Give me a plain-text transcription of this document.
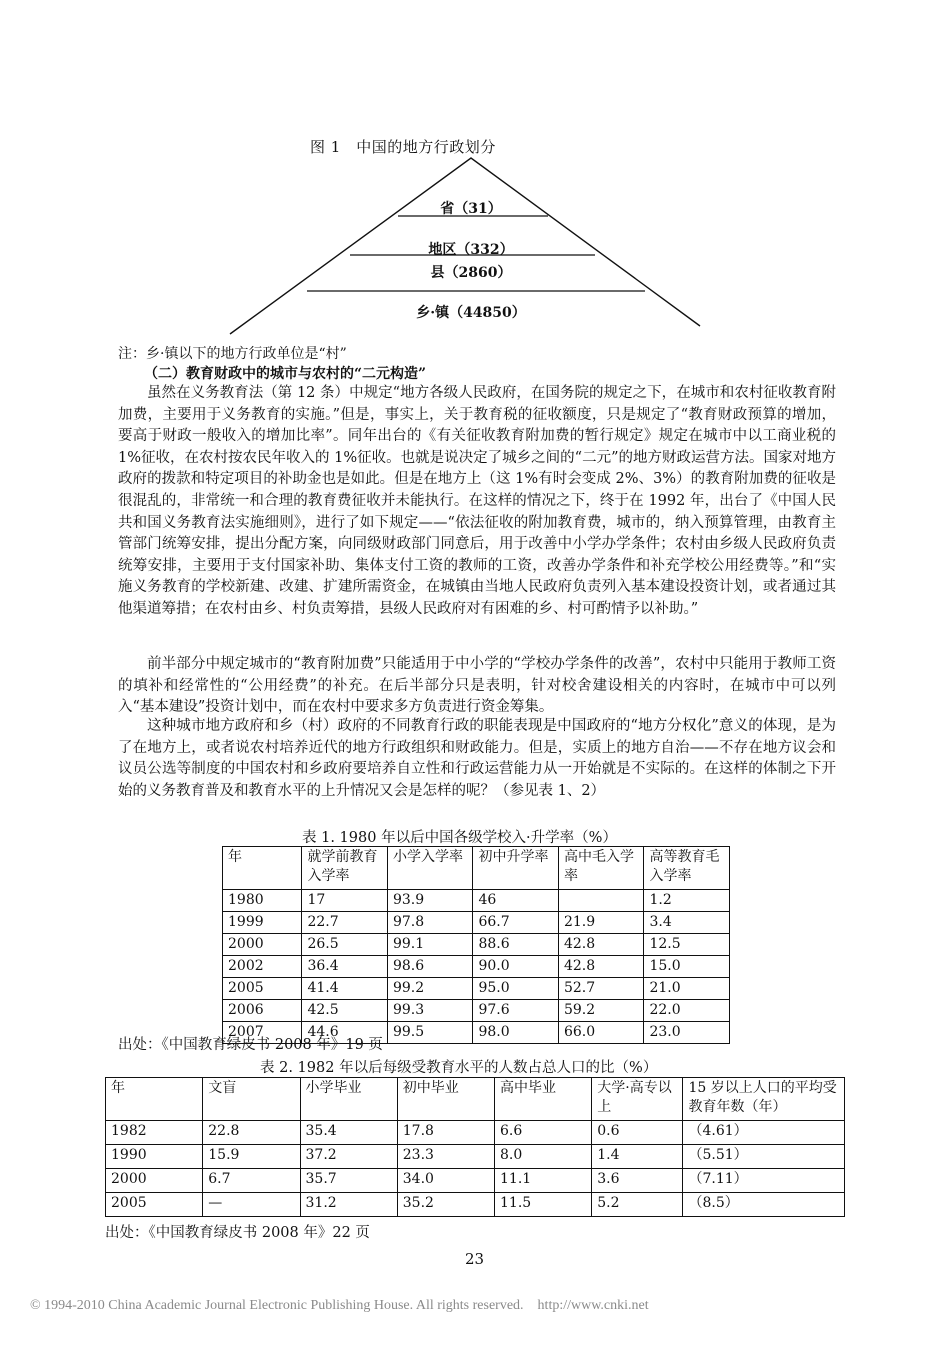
图 1　中国的地方行政划分
省（31）
地区（332）
县（2860）
乡·镇（44850）
注：乡·镇以下的地方行政单位是“村”
（二）教育财政中的城市与农村的“二元构造”

虽然在义务教育法（第 12 条）中规定“地方各级人民政府，在国务院的规定之下，在城市和农村征收教育附加费，主要用于义务教育的实施。”但是，事实上，关于教育税的征收额度，只是规定了“教育财政预算的增加，要高于财政一般收入的增加比率”。同年出台的《有关征收教育附加费的暂行规定》规定在城市中以工商业税的 1%征收，在农村按农民年收入的 1%征收。也就是说决定了城乡之间的“二元”的地方财政运营方法。国家对地方政府的拨款和特定项目的补助金也是如此。但是在地方上（这 1%有时会变成 2%、3%）的教育附加费的征收是很混乱的，非常统一和合理的教育费征收并未能执行。在这样的情况之下，终于在 1992 年，出台了《中国人民共和国义务教育法实施细则》，进行了如下规定——“依法征收的附加教育费，城市的，纳入预算管理，由教育主管部门统筹安排，提出分配方案，向同级财政部门同意后，用于改善中小学办学条件；农村由乡级人民政府负责统筹安排，主要用于支付国家补助、集体支付工资的教师的工资，改善办学条件和补充学校公用经费等。”和“实施义务教育的学校新建、改建、扩建所需资金，在城镇由当地人民政府负责列入基本建设投资计划，或者通过其他渠道筹措；在农村由乡、村负责筹措，县级人民政府对有困难的乡、村可酌情予以补助。”

前半部分中规定城市的“教育附加费”只能适用于中小学的“学校办学条件的改善”，农村中只能用于教师工资的填补和经常性的“公用经费”的补充。在后半部分只是表明，针对校舍建设相关的内容时，在城市中可以列入“基本建设”投资计划中，而在农村中要求多方负责进行资金筹集。

这种城市地方政府和乡（村）政府的不同教育行政的职能表现是中国政府的“地方分权化”意义的体现，是为了在地方上，或者说农村培养近代的地方行政组织和财政能力。但是，实质上的地方自治——不存在地方议会和议员公选等制度的中国农村和乡政府要培养自立性和行政运营能力从一开始就是不实际的。在这样的体制之下开始的义务教育普及和教育水平的上升情况又会是怎样的呢？（参见表 1、2）

表 1. 1980 年以后中国各级学校入·升学率（%）
年	就学前教育入学率	小学入学率	初中升学率	高中毛入学率	高等教育毛入学率
1980	17	93.9	46		1.2
1999	22.7	97.8	66.7	21.9	3.4
2000	26.5	99.1	88.6	42.8	12.5
2002	36.4	98.6	90.0	42.8	15.0
2005	41.4	99.2	95.0	52.7	21.0
2006	42.5	99.3	97.6	59.2	22.0
2007	44.6	99.5	98.0	66.0	23.0
出处：《中国教育绿皮书 2008 年》19 页
表 2. 1982 年以后每级受教育水平的人数占总人口的比（%）
年	文盲	小学毕业	初中毕业	高中毕业	大学·高专以上	15 岁以上人口的平均受教育年数（年）
1982	22.8	35.4	17.8	6.6	0.6	（4.61）
1990	15.9	37.2	23.3	8.0	1.4	（5.51）
2000	6.7	35.7	34.0	11.1	3.6	（7.11）
2005	—	31.2	35.2	11.5	5.2	（8.5）
出处：《中国教育绿皮书 2008 年》22 页
23
© 1994-2010 China Academic Journal Electronic Publishing House. All rights reserved.    http://www.cnki.net
